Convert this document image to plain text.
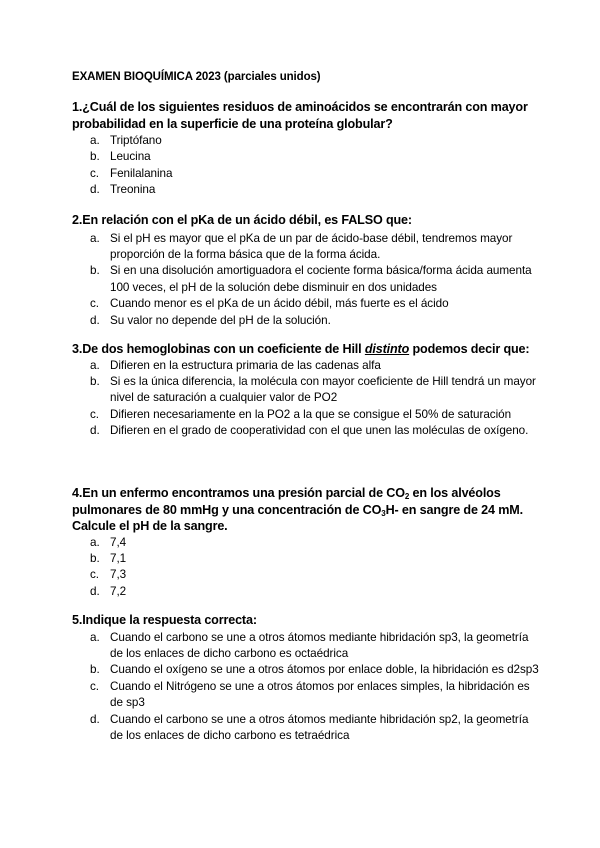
EXAMEN BIOQUÍMICA 2023 (parciales unidos)

1.¿Cuál de los siguientes residuos de aminoácidos se encontrarán con mayor probabilidad en la superficie de una proteína globular?

a. Triptófano
b. Leucina
c. Fenilalanina
d. Treonina

2.En relación con el pKa de un ácido débil, es FALSO que:

a. Si el pH es mayor que el pKa de un par de ácido-base débil, tendremos mayor proporción de la forma básica que de la forma ácida.
b. Si en una disolución amortiguadora el cociente forma básica/forma ácida aumenta 100 veces, el pH de la solución debe disminuir en dos unidades
c. Cuando menor es el pKa de un ácido débil, más fuerte es el ácido
d. Su valor no depende del pH de la solución.

3.De dos hemoglobinas con un coeficiente de Hill distinto podemos decir que:

a. Difieren en la estructura primaria de las cadenas alfa
b. Si es la única diferencia, la molécula con mayor coeficiente de Hill tendrá un mayor nivel de saturación a cualquier valor de PO2
c. Difieren necesariamente en la PO2 a la que se consigue el 50% de saturación
d. Difieren en el grado de cooperatividad con el que unen las moléculas de oxígeno.

4.En un enfermo encontramos una presión parcial de $CO_2$ en los alvéolos pulmonares de 80 mmHg y una concentración de $CO_3H-$ en sangre de 24 mM. Calcule el pH de la sangre.

a. 7,4
b. 7,1
c. 7,3
d. 7,2

5.Indique la respuesta correcta:

a. Cuando el carbono se une a otros átomos mediante hibridación sp3, la geometría de los enlaces de dicho carbono es octaédrica
b. Cuando el oxígeno se une a otros átomos por enlace doble, la hibridación es d2sp3
c. Cuando el Nitrógeno se une a otros átomos por enlaces simples, la hibridación es de sp3
d. Cuando el carbono se une a otros átomos mediante hibridación sp2, la geometría de los enlaces de dicho carbono es tetraédrica
